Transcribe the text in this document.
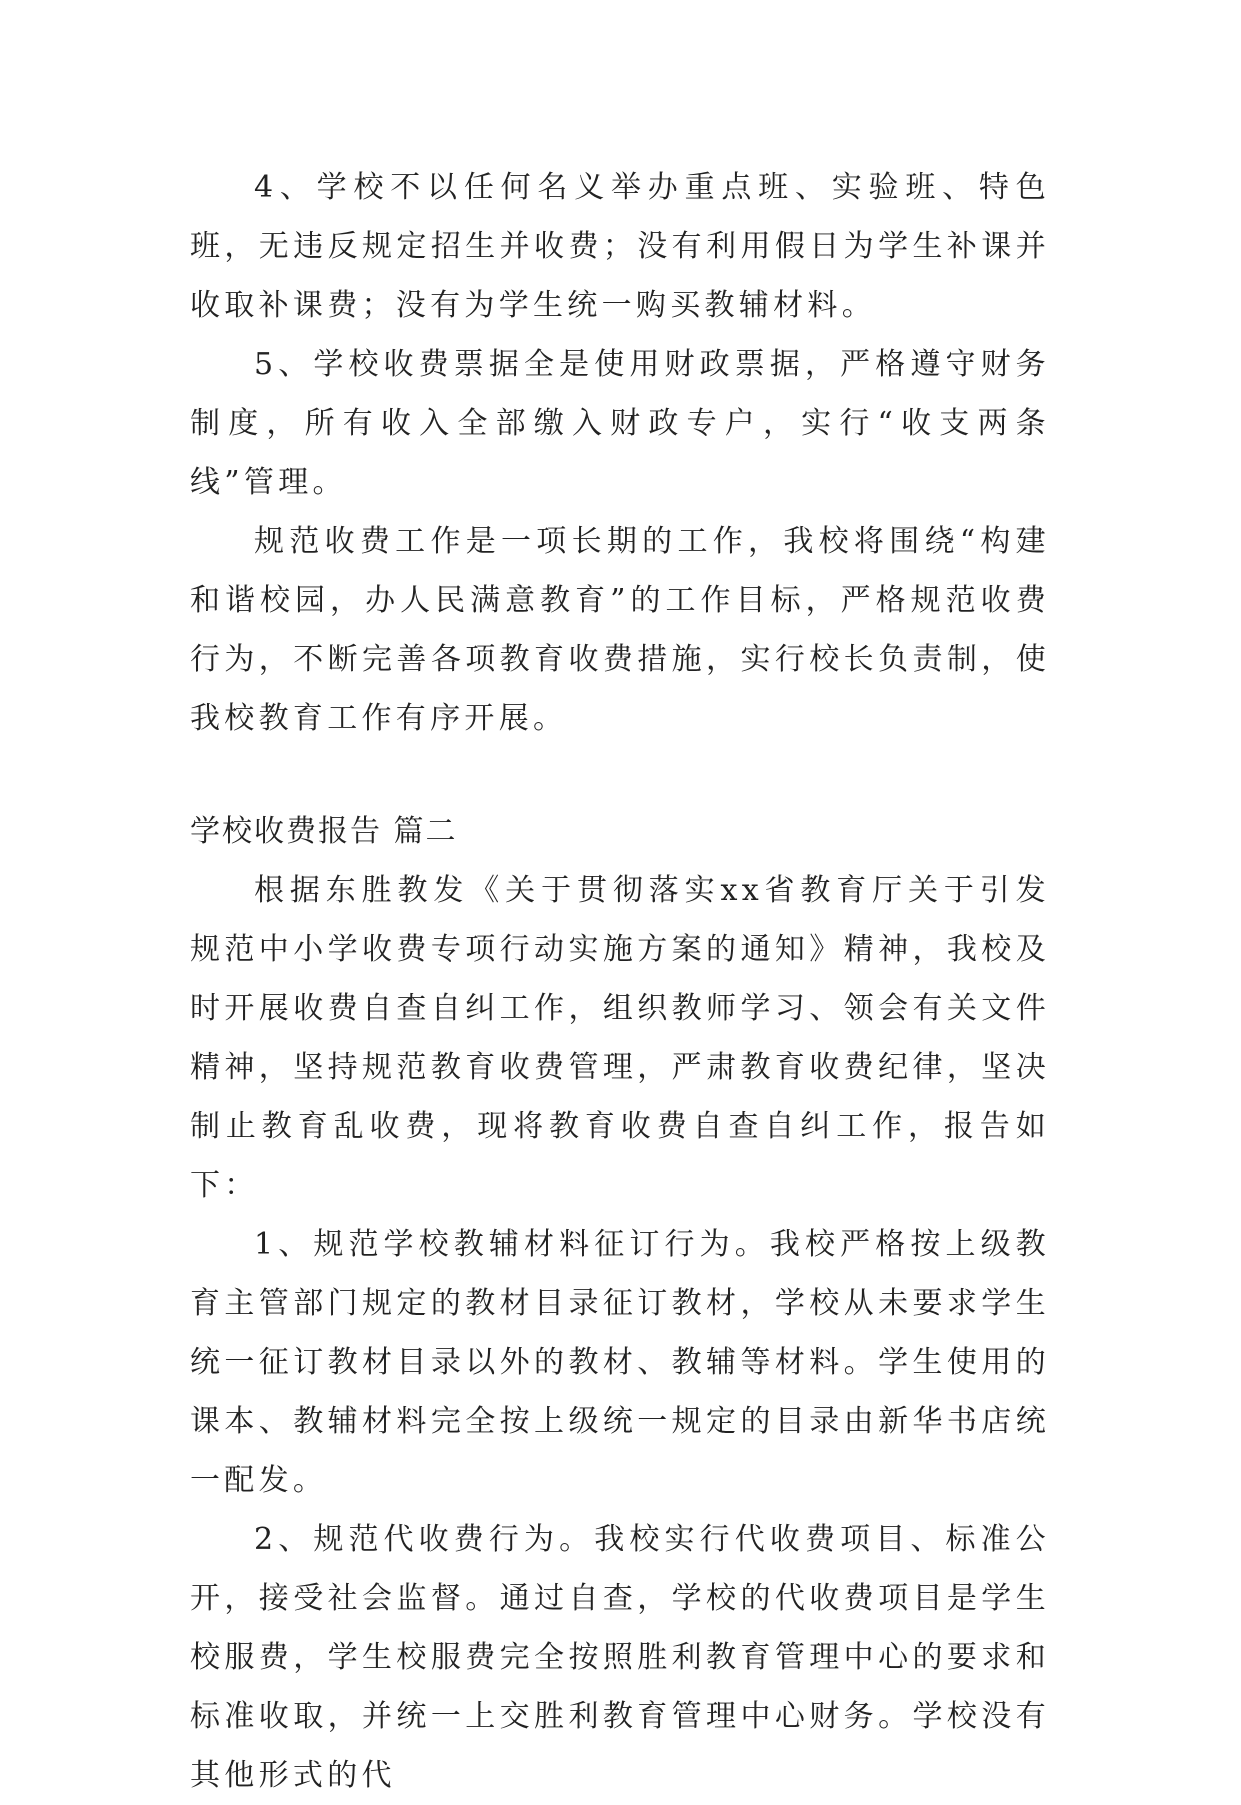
4、学校不以任何名义举办重点班、实验班、特色班，无违反规定招生并收费；没有利用假日为学生补课并收取补课费；没有为学生统一购买教辅材料。

5、学校收费票据全是使用财政票据，严格遵守财务制度，所有收入全部缴入财政专户，实行“收支两条线”管理。

规范收费工作是一项长期的工作，我校将围绕“构建和谐校园，办人民满意教育”的工作目标，严格规范收费行为，不断完善各项教育收费措施，实行校长负责制，使我校教育工作有序开展。

学校收费报告 篇二

根据东胜教发《关于贯彻落实xx省教育厅关于引发规范中小学收费专项行动实施方案的通知》精神，我校及时开展收费自查自纠工作，组织教师学习、领会有关文件精神，坚持规范教育收费管理，严肃教育收费纪律，坚决制止教育乱收费，现将教育收费自查自纠工作，报告如下：

1、规范学校教辅材料征订行为。我校严格按上级教育主管部门规定的教材目录征订教材，学校从未要求学生统一征订教材目录以外的教材、教辅等材料。学生使用的课本、教辅材料完全按上级统一规定的目录由新华书店统一配发。

2、规范代收费行为。我校实行代收费项目、标准公开，接受社会监督。通过自查，学校的代收费项目是学生校服费，学生校服费完全按照胜利教育管理中心的要求和标准收取，并统一上交胜利教育管理中心财务。学校没有其他形式的代
